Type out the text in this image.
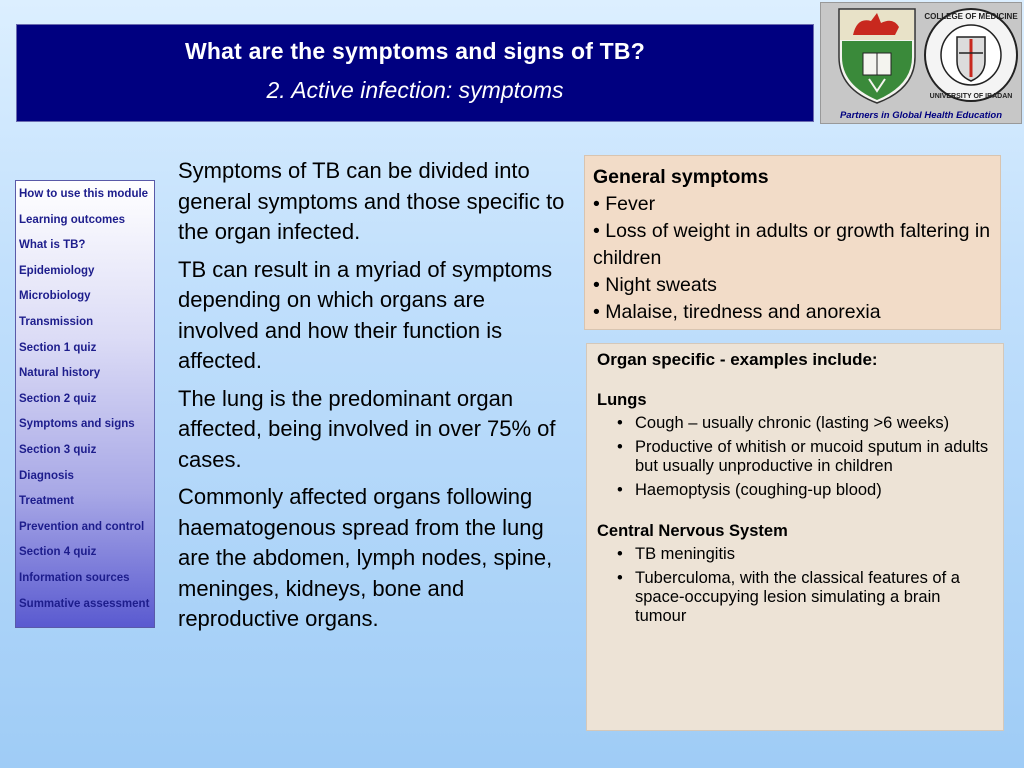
What are the symptoms and signs of TB?
2. Active infection: symptoms
COLLEGE OF MEDICINE
UNIVERSITY OF IBADAN
Partners in Global Health Education
How to use this module
Learning outcomes
What is TB?
Epidemiology
Microbiology
Transmission
Section 1 quiz
Natural history
Section 2 quiz
Symptoms and signs
Section 3 quiz
Diagnosis
Treatment
Prevention and control
Section 4 quiz
Information sources
Summative assessment

Symptoms of TB can be divided into general symptoms and those specific to the organ infected.

TB can result in a myriad of symptoms depending on which organs are involved and how their function is affected.

The lung is the predominant organ affected, being involved in over 75% of cases.

Commonly affected organs following haematogenous spread from the lung are the abdomen, lymph nodes, spine, meninges, kidneys, bone and reproductive organs.

General symptoms
• Fever
• Loss of weight in adults or growth faltering in children
• Night sweats
• Malaise, tiredness and anorexia
Organ specific - examples include:
Lungs
• Cough – usually chronic (lasting >6 weeks)
• Productive of whitish or mucoid sputum in adults but usually unproductive in children
• Haemoptysis (coughing-up blood)
Central Nervous System
• TB meningitis
• Tuberculoma, with the classical features of a space-occupying lesion simulating a brain tumour
